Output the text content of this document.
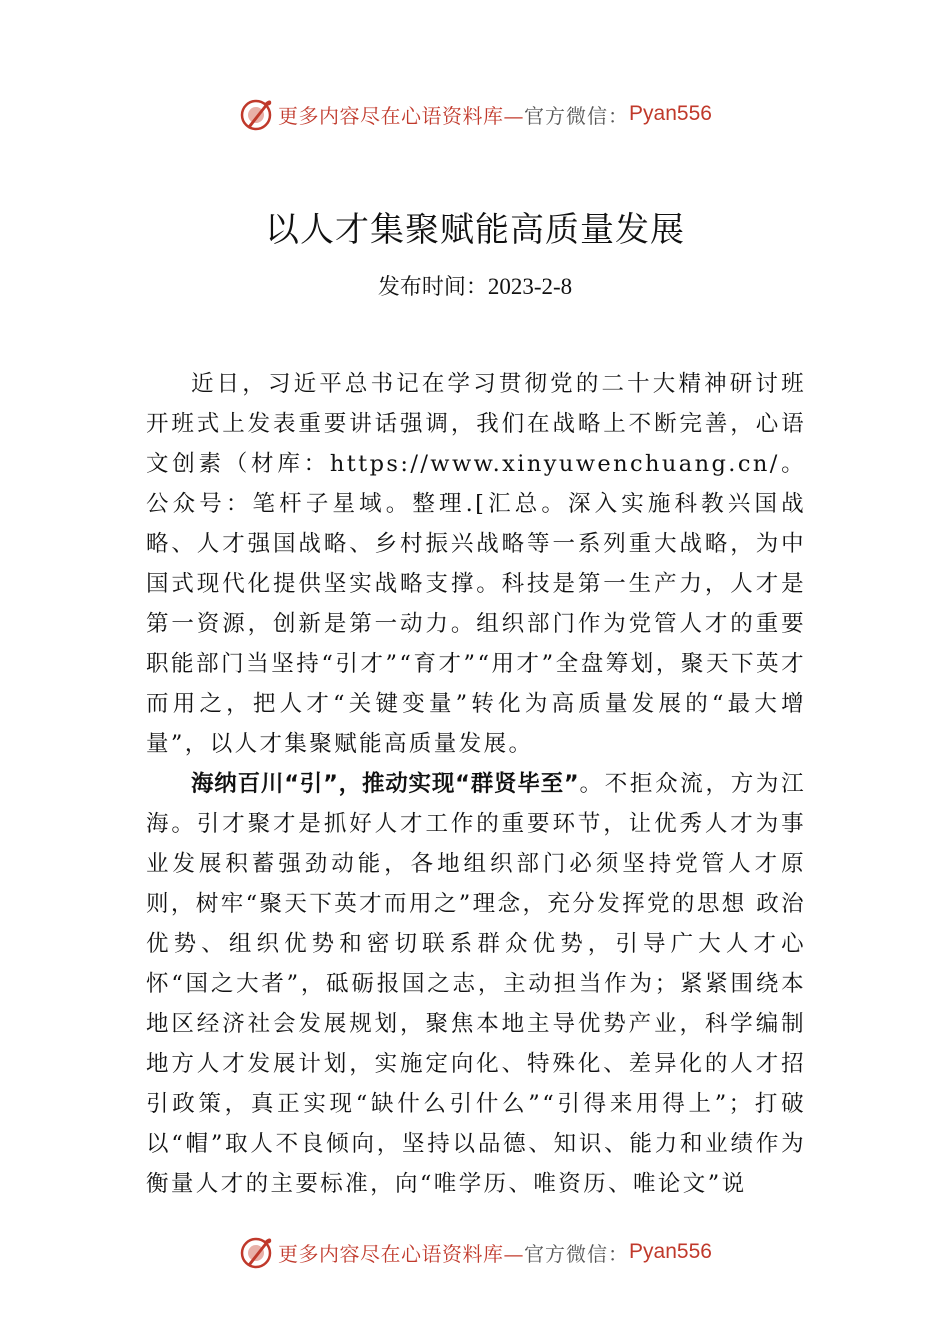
更多内容尽在心语资料库— 官方微信： Pyan556
以人才集聚赋能高质量发展
发布时间：2023-2-8

近日，习近平总书记在学习贯彻党的二十大精神研讨班开班式上发表重要讲话强调，我们在战略上不断完善，心语文创素（材库：https://www.xinyuwenchuang.cn/。公众号：笔杆子星域。整理.[汇总。深入实施科教兴国战略、人才强国战略、乡村振兴战略等一系列重大战略，为中国式现代化提供坚实战略支撑。科技是第一生产力，人才是第一资源，创新是第一动力。组织部门作为党管人才的重要职能部门当坚持“引才”“育才”“用才”全盘筹划，聚天下英才而用之，把人才“关键变量”转化为高质量发展的“最大增量”，以人才集聚赋能高质量发展。

海纳百川“引”，推动实现“群贤毕至”。不拒众流，方为江海。引才聚才是抓好人才工作的重要环节，让优秀人才为事业发展积蓄强劲动能，各地组织部门必须坚持党管人才原则，树牢“聚天下英才而用之”理念，充分发挥党的思想 政治优势、组织优势和密切联系群众优势，引导广大人才心怀“国之大者”，砥砺报国之志，主动担当作为；紧紧围绕本地区经济社会发展规划，聚焦本地主导优势产业，科学编制地方人才发展计划，实施定向化、特殊化、差异化的人才招引政策，真正实现“缺什么引什么”“引得来用得上”；打破以“帽”取人不良倾向，坚持以品德、知识、能力和业绩作为衡量人才的主要标准，向“唯学历、唯资历、唯论文”说

更多内容尽在心语资料库— 官方微信： Pyan556
